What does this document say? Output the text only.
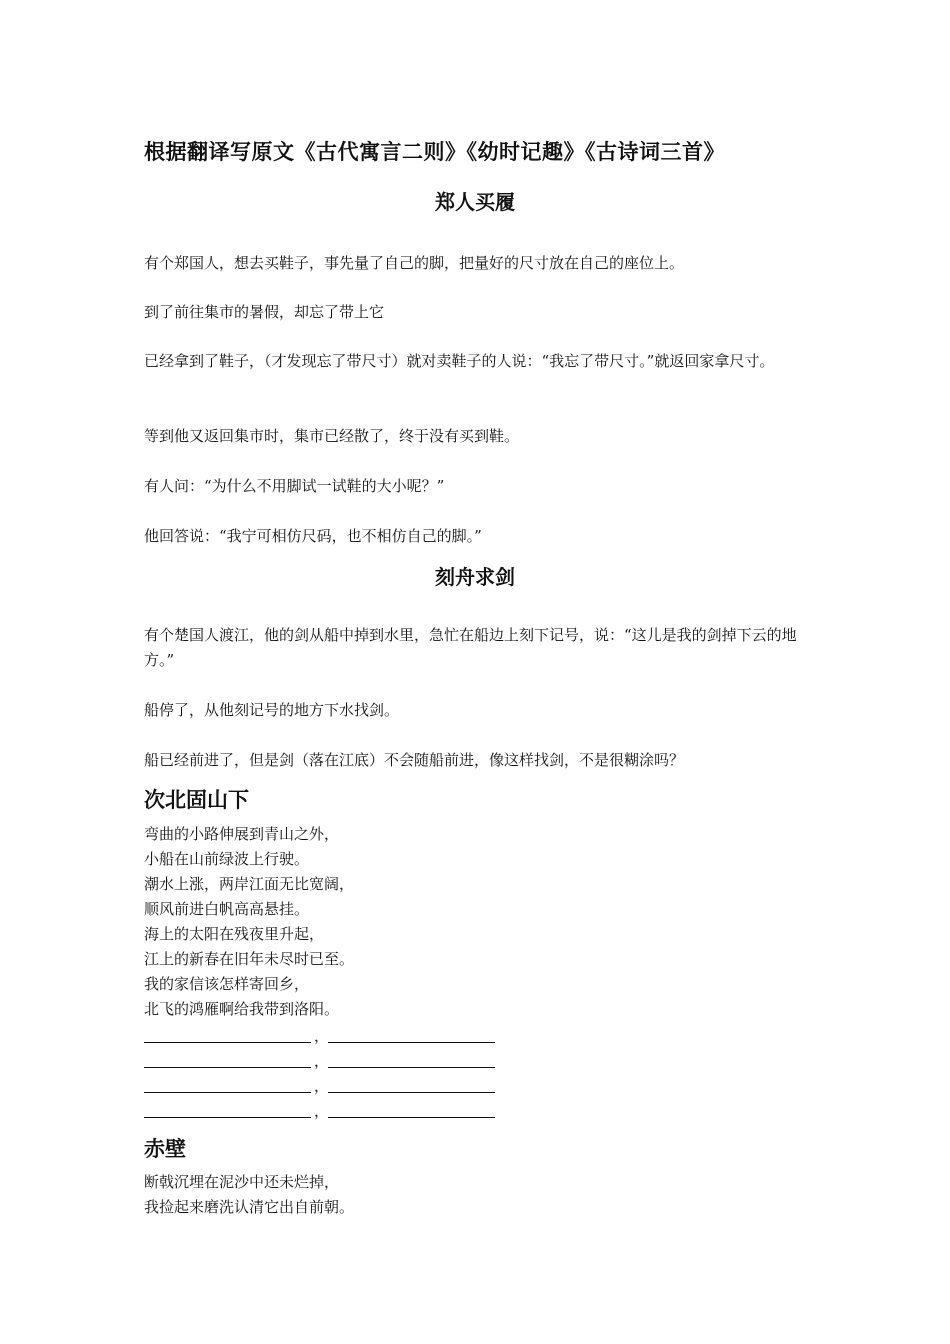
根据翻译写原文《古代寓言二则》《幼时记趣》《古诗词三首》
郑人买履
有个郑国人，想去买鞋子，事先量了自己的脚，把量好的尺寸放在自己的座位上。
到了前往集市的暑假，却忘了带上它
已经拿到了鞋子，（才发现忘了带尺寸）就对卖鞋子的人说：“我忘了带尺寸。”就返回家拿尺寸。
等到他又返回集市时，集市已经散了，终于没有买到鞋。
有人问：“为什么不用脚试一试鞋的大小呢？”
他回答说：“我宁可相仿尺码，也不相仿自己的脚。”
刻舟求剑
有个楚国人渡江，他的剑从船中掉到水里，急忙在船边上刻下记号，说：“这儿是我的剑掉下云的地方。”
船停了，从他刻记号的地方下水找剑。
船已经前进了，但是剑（落在江底）不会随船前进，像这样找剑，不是很糊涂吗？
次北固山下
弯曲的小路伸展到青山之外，
小船在山前绿波上行驶。
潮水上涨，两岸江面无比宽阔，
顺风前进白帆高高悬挂。
海上的太阳在残夜里升起，
江上的新春在旧年未尽时已至。
我的家信该怎样寄回乡，
北飞的鸿雁啊给我带到洛阳。
，
，
，
，
赤壁
断戟沉埋在泥沙中还未烂掉，
我捡起来磨洗认清它出自前朝。
